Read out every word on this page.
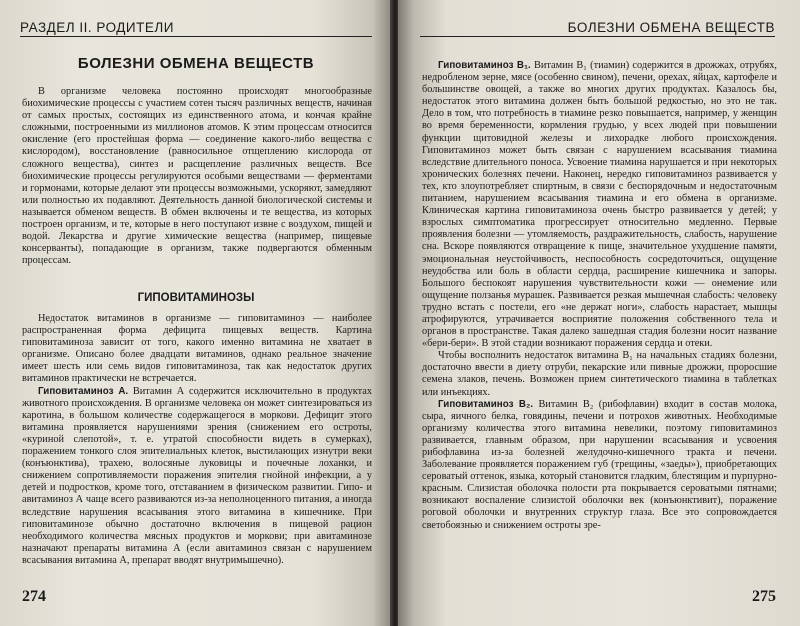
РАЗДЕЛ II. РОДИТЕЛИ
БОЛЕЗНИ ОБМЕНА ВЕЩЕСТВ

В организме человека постоянно происходят многообразные биохимические процессы с участием сотен тысяч различных веществ, начиная от самых простых, состоящих из единственного атома, и кончая крайне сложными, построенными из миллионов атомов. К этим процессам относится окисление (его простейшая форма — соединение какого-либо вещества с кислородом), восстановление (равносильное отщеплению кислорода от сложного вещества), синтез и расщепление различных веществ. Все биохимические процессы регулируются особыми веществами — ферментами и гормонами, которые делают эти процессы возможными, ускоряют, замедляют или полностью их подавляют. Деятельность данной биологической системы и называется обменом веществ. В обмен включены и те вещества, из которых построен организм, и те, которые в него поступают извне с воздухом, пищей и водой. Лекарства и другие химические вещества (например, пищевые консерванты), попадающие в организм, также подвергаются обменным процессам.

ГИПОВИТАМИНОЗЫ

Недостаток витаминов в организме — гиповитаминоз — наиболее распространенная форма дефицита пищевых веществ. Картина гиповитаминоза зависит от того, какого именно витамина не хватает в организме. Описано более двадцати витаминов, однако реальное значение имеет шесть или семь видов гиповитаминоза, так как недостаток других витаминов практически не встречается.

Гиповитаминоз А. Витамин А содержится исключительно в продуктах животного происхождения. В организме человека он может синтезироваться из каротина, в большом количестве содержащегося в моркови. Дефицит этого витамина проявляется нарушениями зрения (снижением его остроты, «куриной слепотой», т. е. утратой способности видеть в сумерках), поражением тонкого слоя эпителиальных клеток, выстилающих изнутри веки (конъюнктива), трахею, волосяные луковицы и почечные лоханки, и снижением сопротивляемости поражения эпителия гнойной инфекции, а у детей и подростков, кроме того, отставанием в физическом развитии. Гипо- и авитаминоз А чаще всего развиваются из-за неполноценного питания, а иногда вследствие нарушения всасывания этого витамина в кишечнике. При гиповитаминозе обычно достаточно включения в пищевой рацион необходимого количества мясных продуктов и моркови; при авитаминозе назначают препараты витамина А (если авитаминоз связан с нарушением всасывания витамина А, препарат вводят внутримышечно).

274
БОЛЕЗНИ ОБМЕНА ВЕЩЕСТВ

Гиповитаминоз B₁. Витамин B₁ (тиамин) содержится в дрожжах, отрубях, недробленом зерне, мясе (особенно свином), печени, орехах, яйцах, картофеле и большинстве овощей, а также во многих других продуктах. Казалось бы, недостаток этого витамина должен быть большой редкостью, но это не так. Дело в том, что потребность в тиамине резко повышается, например, у женщин во время беременности, кормления грудью, у всех людей при повышении функции щитовидной железы и лихорадке любого происхождения. Гиповитаминоз может быть связан с нарушением всасывания тиамина вследствие длительного поноса. Усвоение тиамина нарушается и при некоторых хронических болезнях печени. Наконец, нередко гиповитаминоз развивается у тех, кто злоупотребляет спиртным, в связи с беспорядочным и недостаточным питанием, нарушением всасывания тиамина и его обмена в организме. Клиническая картина гиповитаминоза очень быстро развивается у детей; у взрослых симптоматика прогрессирует относительно медленно. Первые проявления болезни — утомляемость, раздражительность, слабость, нарушение сна. Вскоре появляются отвращение к пище, значительное ухудшение памяти, эмоциональная неустойчивость, неспособность сосредоточиться, ощущение неудобства или боль в области сердца, расширение кишечника и запоры. Большого беспокоят нарушения чувствительности кожи — онемение или ощущение ползанья мурашек. Развивается резкая мышечная слабость: человеку трудно встать с постели, его «не держат ноги», слабость нарастает, мышцы атрофируются, утрачивается восприятие положения собственного тела и органов в пространстве. Такая далеко зашедшая стадия болезни носит название «бери-бери». В этой стадии возникают поражения сердца и отеки.

Чтобы восполнить недостаток витамина B₁ на начальных стадиях болезни, достаточно ввести в диету отруби, пекарские или пивные дрожжи, проросшие семена злаков, печень. Возможен прием синтетического тиамина в таблетках или инъекциях.

Гиповитаминоз B₂. Витамин B₂ (рибофлавин) входит в состав молока, сыра, яичного белка, говядины, печени и потрохов животных. Необходимые организму количества этого витамина невелики, поэтому гиповитаминоз развивается, главным образом, при нарушении всасывания и усвоения рибофлавина из-за болезней желудочно-кишечного тракта и печени. Заболевание проявляется поражением губ (трещины, «заеды»), приобретающих сероватый оттенок, языка, который становится гладким, блестящим и пурпурно-красным. Слизистая оболочка полости рта покрывается сероватыми пятнами; возникают воспаление слизистой оболочки век (конъюнктивит), поражение роговой оболочки и внутренних структур глаза. Все это сопровождается светобоязнью и снижением остроты зре-

275
